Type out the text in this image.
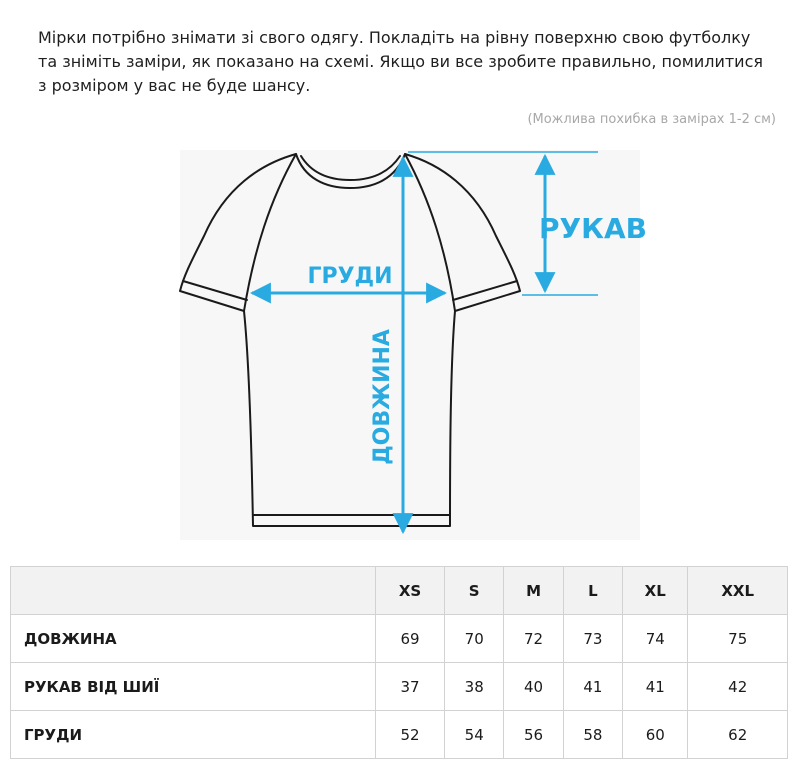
Мірки потрібно знімати зі свого одягу. Покладіть на рівну поверхню свою футболку

та зніміть заміри, як показано на схемі. Якщо ви все зробите правильно, помилитися

з розміром у вас не буде шансу.

(Можлива похибка в замірах 1-2 см)
РУКАВ
ГРУДИ
ДОВЖИНА
	XS	S	M	L	XL	XXL
ДОВЖИНА	69	70	72	73	74	75
РУКАВ ВІД ШИЇ	37	38	40	41	41	42
ГРУДИ	52	54	56	58	60	62
